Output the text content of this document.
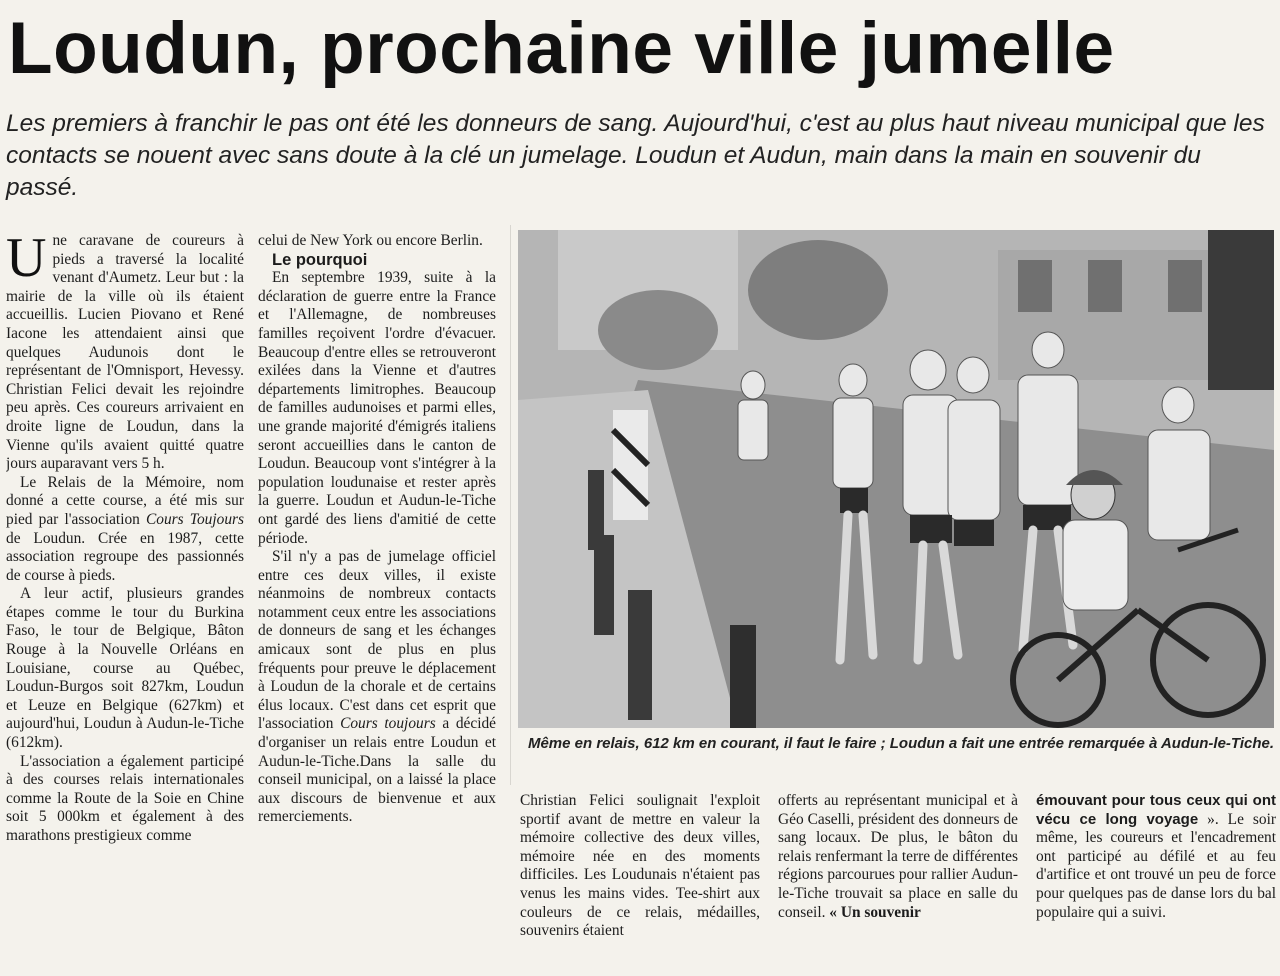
Loudun, prochaine ville jumelle

Les premiers à franchir le pas ont été les donneurs de sang. Aujourd'hui, c'est au plus haut niveau municipal que les contacts se nouent avec sans doute à la clé un jumelage. Loudun et Audun, main dans la main en souvenir du passé.

Une caravane de coureurs à pieds a traversé la localité venant d'Aumetz. Leur but : la mairie de la ville où ils étaient accueillis. Lucien Piovano et René Iacone les attendaient ainsi que quelques Audunois dont le représentant de l'Omnisport, Hevessy. Christian Felici devait les rejoindre peu après. Ces coureurs arrivaient en droite ligne de Loudun, dans la Vienne qu'ils avaient quitté quatre jours auparavant vers 5 h.

Le Relais de la Mémoire, nom donné a cette course, a été mis sur pied par l'association Cours Toujours de Loudun. Crée en 1987, cette association regroupe des passionnés de course à pieds.

A leur actif, plusieurs grandes étapes comme le tour du Burkina Faso, le tour de Belgique, Bâton Rouge à la Nouvelle Orléans en Louisiane, course au Québec, Loudun-Burgos soit 827km, Loudun et Leuze en Belgique (627km) et aujourd'hui, Loudun à Audun-le-Tiche (612km).

L'association a également participé à des courses relais internationales comme la Route de la Soie en Chine soit 5 000km et également à des marathons prestigieux comme

celui de New York ou encore Berlin.

Le pourquoi

En septembre 1939, suite à la déclaration de guerre entre la France et l'Allemagne, de nombreuses familles reçoivent l'ordre d'évacuer. Beaucoup d'entre elles se retrouveront exilées dans la Vienne et d'autres départements limitrophes. Beaucoup de familles audunoises et parmi elles, une grande majorité d'émigrés italiens seront accueillies dans le canton de Loudun. Beaucoup vont s'intégrer à la population loudunaise et rester après la guerre. Loudun et Audun-le-Tiche ont gardé des liens d'amitié de cette période.

S'il n'y a pas de jumelage officiel entre ces deux villes, il existe néanmoins de nombreux contacts notamment ceux entre les associations de donneurs de sang et les échanges amicaux sont de plus en plus fréquents pour preuve le déplacement à Loudun de la chorale et de certains élus locaux. C'est dans cet esprit que l'association Cours toujours a décidé d'organiser un relais entre Loudun et Audun-le-Tiche.Dans la salle du conseil municipal, on a laissé la place aux discours de bienvenue et aux remerciements.

Même en relais, 612 km en courant, il faut le faire ; Loudun a fait une entrée remarquée à Audun-le-Tiche.

Christian Felici soulignait l'exploit sportif avant de mettre en valeur la mémoire collective des deux villes, mémoire née en des moments difficiles. Les Loudunais n'étaient pas venus les mains vides. Tee-shirt aux couleurs de ce relais, médailles, souvenirs étaient

offerts au représentant municipal et à Géo Caselli, président des donneurs de sang locaux. De plus, le bâton du relais renfermant la terre de différentes régions parcourues pour rallier Audun-le-Tiche trouvait sa place en salle du conseil. « Un souvenir

émouvant pour tous ceux qui ont vécu ce long voyage ». Le soir même, les coureurs et l'encadrement ont participé au défilé et au feu d'artifice et ont trouvé un peu de force pour quelques pas de danse lors du bal populaire qui a suivi.
